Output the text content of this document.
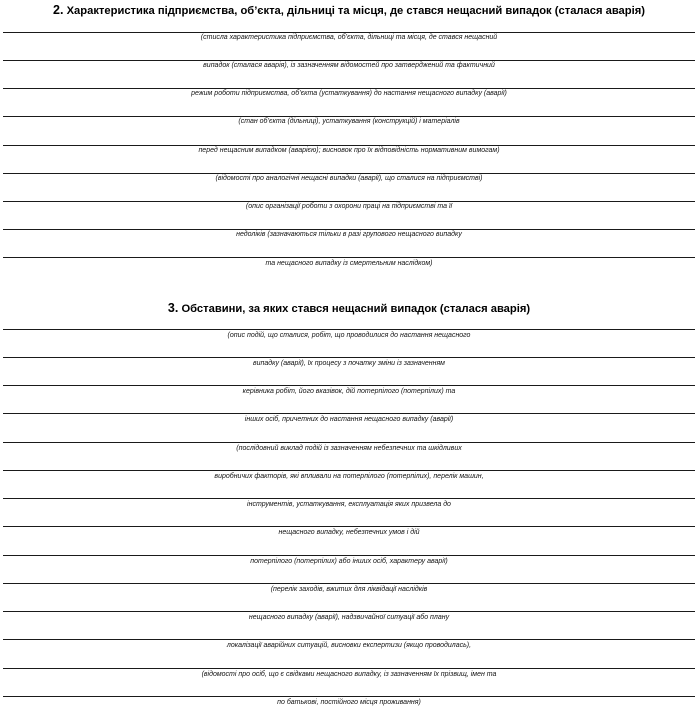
2. Характеристика підприємства, об’єкта, дільниці та місця, де стався нещасний випадок (сталася аварія)
(стисла характеристика підприємства, об’єкта, дільниці та місця, де стався нещасний
випадок (сталася аварія), із зазначенням відомостей про затверджений та фактичний
режим роботи підприємства, об’єкта (устаткування) до настання нещасного випадку (аварії)
(стан об’єкта (дільниці), устаткування (конструкцій) і матеріалів
перед нещасним випадком (аварією); висновок про їх відповідність нормативним вимогам)
(відомості про аналогічні нещасні випадки (аварії), що сталися на підприємстві)
(опис організації роботи з охорони праці на підприємстві та її
недоліків (зазначаються тільки в разі групового нещасного випадку
та нещасного випадку із смертельним наслідком)
3. Обставини, за яких стався нещасний випадок (сталася аварія)
(опис подій, що сталися, робіт, що проводилися до настання нещасного
випадку (аварії), їх процесу з початку зміни із зазначенням
керівника робіт, його вказівок, дій потерпілого (потерпілих) та
інших осіб, причетних до настання нещасного випадку (аварії)
(послідовний виклад подій із зазначенням небезпечних та шкідливих
виробничих факторів, які впливали на потерпілого (потерпілих), перелік машин,
інструментів, устаткування, експлуатація яких призвела до
нещасного випадку, небезпечних умов і дій
потерпілого (потерпілих) або інших осіб, характеру аварії)
(перелік заходів, вжитих для ліквідації наслідків
нещасного випадку (аварії), надзвичайної ситуації або плану
локалізації аварійних ситуацій, висновки експертизи (якщо проводилась),
(відомості про осіб, що є свідками нещасного випадку, із зазначенням їх прізвищ, імен та
по батькові, постійного місця проживання)
